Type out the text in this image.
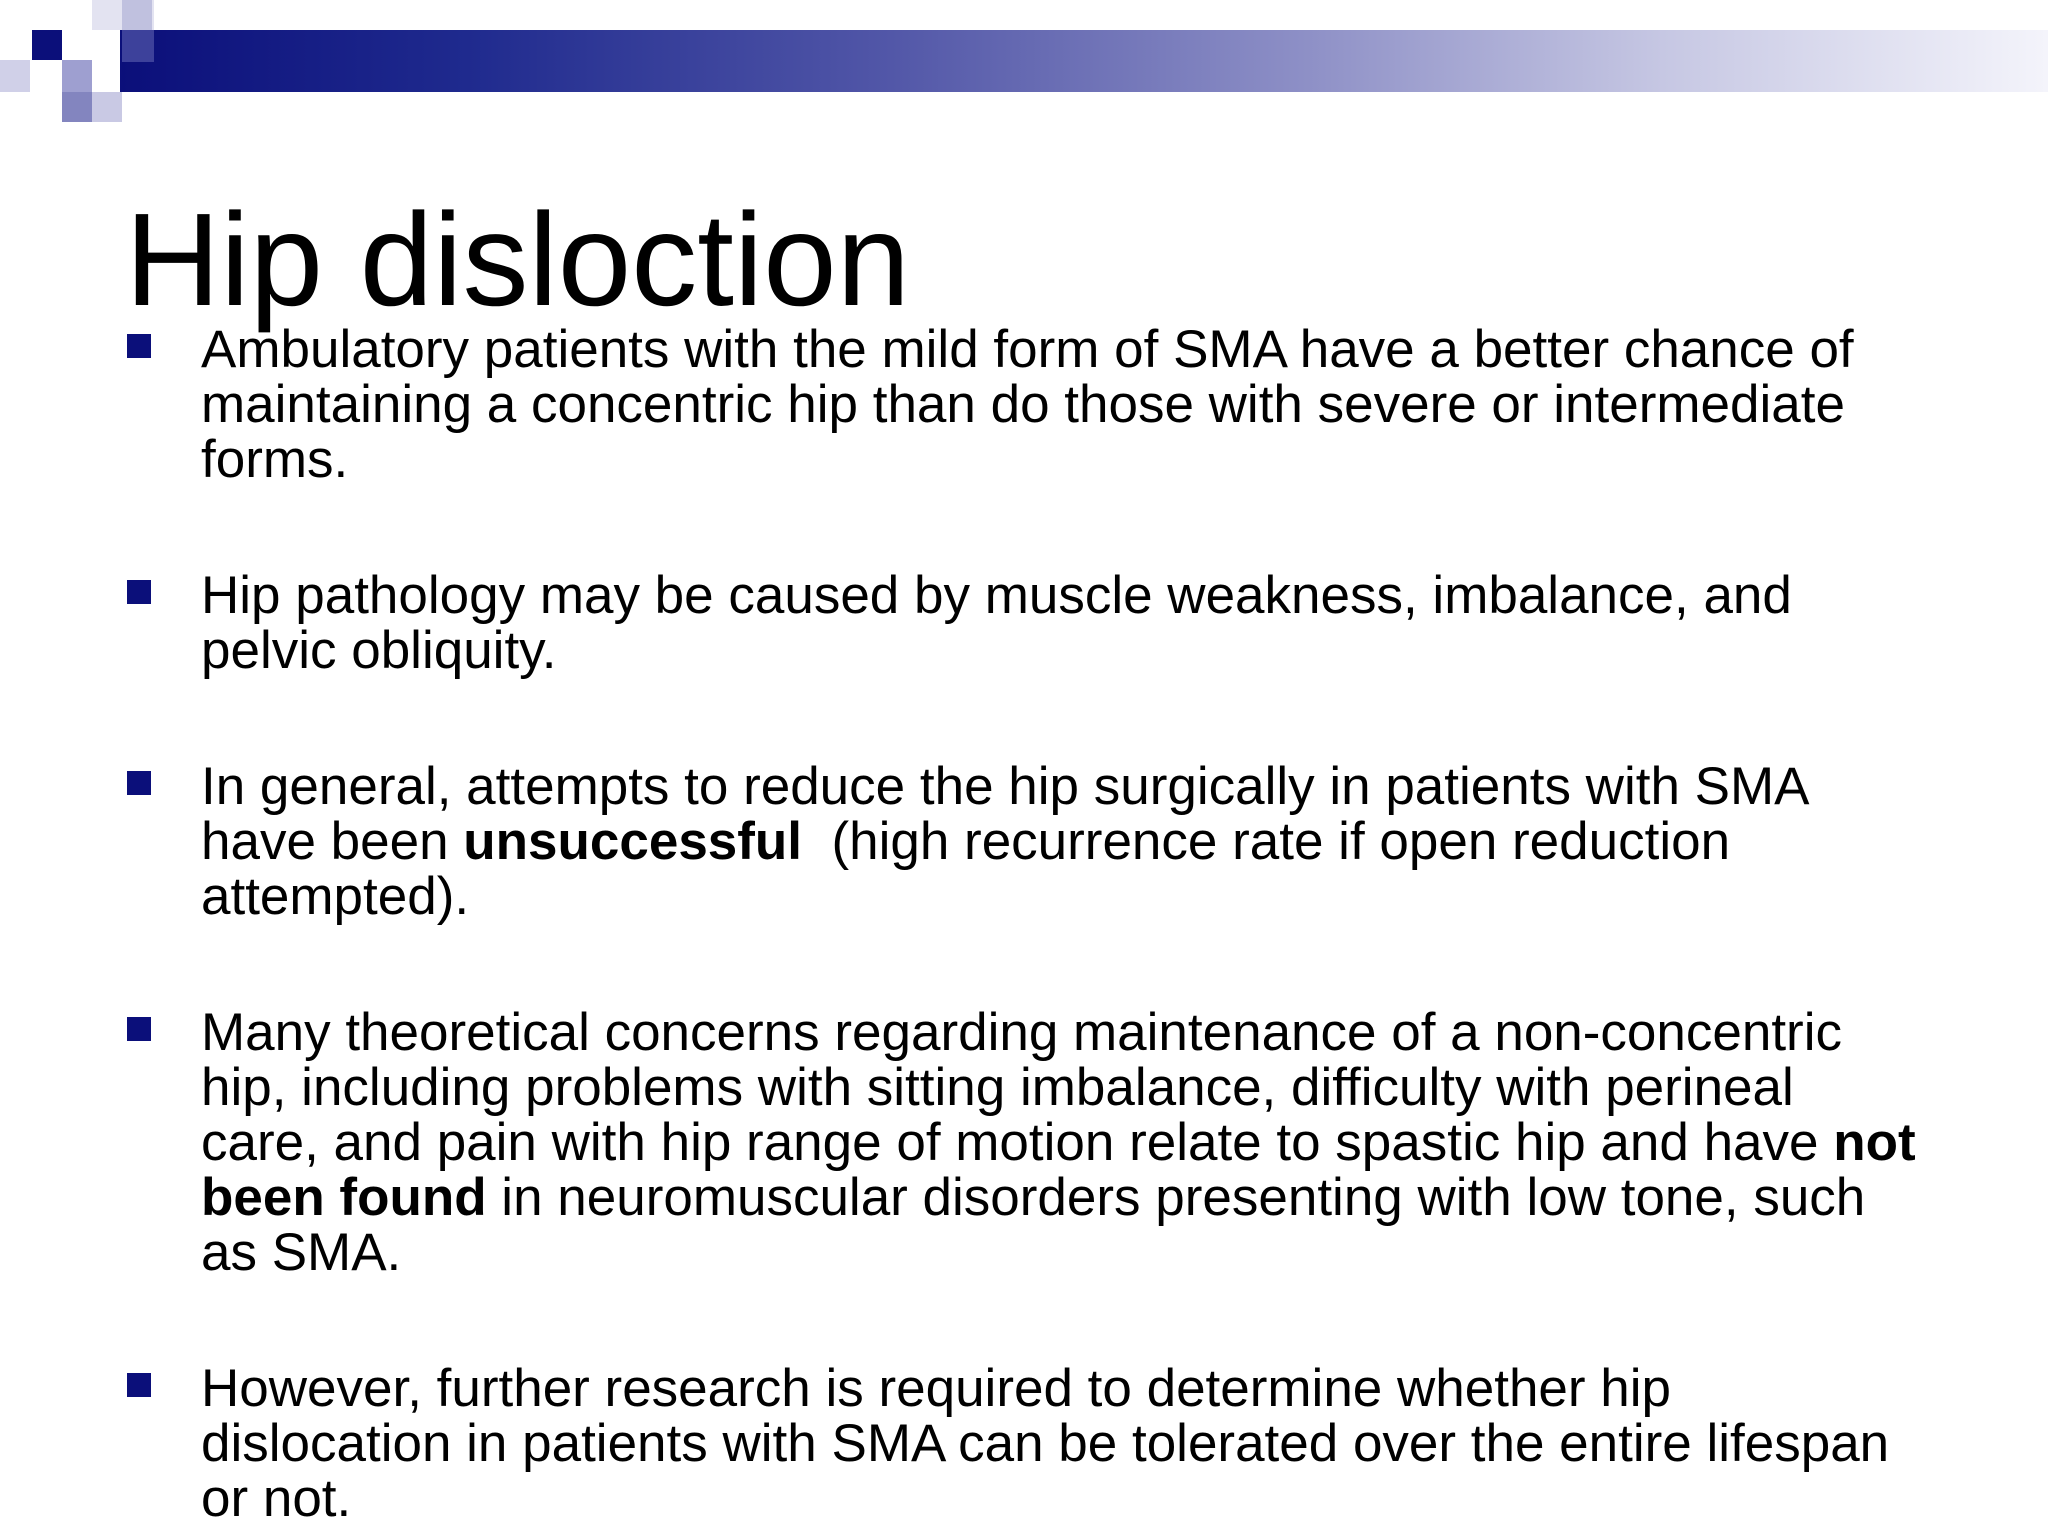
Hip disloction
Ambulatory patients with the mild form of SMA have a better chance of maintaining a concentric hip than do those with severe or intermediate forms.
Hip pathology may be caused by muscle weakness, imbalance, and pelvic obliquity.
In general, attempts to reduce the hip surgically in patients with SMA have been unsuccessful  (high recurrence rate if open reduction attempted).
Many theoretical concerns regarding maintenance of a non-concentric hip, including problems with sitting imbalance, difficulty with perineal care, and pain with hip range of motion relate to spastic hip and have not been found in neuromuscular disorders presenting with low tone, such as SMA.
However, further research is required to determine whether hip dislocation in patients with SMA can be tolerated over the entire lifespan or not.
